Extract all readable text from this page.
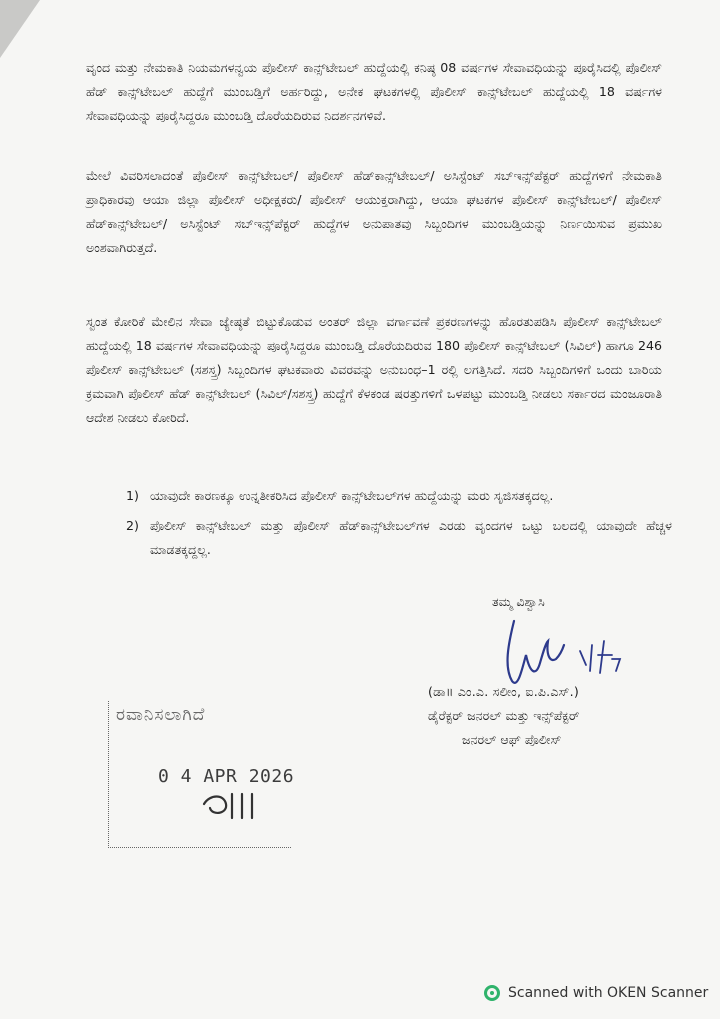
ವೃಂದ ಮತ್ತು ನೇಮಕಾತಿ ನಿಯಮಗಳನ್ವಯ ಪೊಲೀಸ್ ಕಾನ್ಸ್‌ಟೇಬಲ್ ಹುದ್ದೆಯಲ್ಲಿ ಕನಿಷ್ಠ 08 ವರ್ಷಗಳ ಸೇವಾವಧಿಯನ್ನು ಪೂರೈಸಿದಲ್ಲಿ ಪೊಲೀಸ್ ಹೆಡ್ ಕಾನ್ಸ್‌ಟೇಬಲ್ ಹುದ್ದೆಗೆ ಮುಂಬಡ್ತಿಗೆ ಅರ್ಹರಿದ್ದು, ಅನೇಕ ಘಟಕಗಳಲ್ಲಿ ಪೊಲೀಸ್ ಕಾನ್ಸ್‌ಟೇಬಲ್ ಹುದ್ದೆಯಲ್ಲಿ 18 ವರ್ಷಗಳ ಸೇವಾವಧಿಯನ್ನು ಪೂರೈಸಿದ್ದರೂ ಮುಂಬಡ್ತಿ ದೊರೆಯದಿರುವ ನಿದರ್ಶನಗಳಿವೆ.

ಮೇಲೆ ವಿವರಿಸಲಾದಂತೆ ಪೊಲೀಸ್ ಕಾನ್ಸ್‌ಟೇಬಲ್/ ಪೊಲೀಸ್ ಹೆಡ್‌ಕಾನ್ಸ್‌ಟೇಬಲ್/ ಅಸಿಸ್ಟೆಂಟ್ ಸಬ್‌ಇನ್ಸ್‌ಪೆಕ್ಟರ್ ಹುದ್ದೆಗಳಿಗೆ ನೇಮಕಾತಿ ಪ್ರಾಧಿಕಾರವು ಆಯಾ ಜಿಲ್ಲಾ ಪೊಲೀಸ್ ಅಧೀಕ್ಷಕರು/ ಪೊಲೀಸ್ ಆಯುಕ್ತರಾಗಿದ್ದು, ಆಯಾ ಘಟಕಗಳ ಪೊಲೀಸ್ ಕಾನ್ಸ್‌ಟೇಬಲ್/ ಪೊಲೀಸ್ ಹೆಡ್‌ಕಾನ್ಸ್‌ಟೇಬಲ್/ ಅಸಿಸ್ಟೆಂಟ್ ಸಬ್‌ಇನ್ಸ್‌ಪೆಕ್ಟರ್ ಹುದ್ದೆಗಳ ಅನುಪಾತವು ಸಿಬ್ಬಂದಿಗಳ ಮುಂಬಡ್ತಿಯನ್ನು ನಿರ್ಣಯಿಸುವ ಪ್ರಮುಖ ಅಂಶವಾಗಿರುತ್ತದೆ.

ಸ್ವಂತ ಕೋರಿಕೆ ಮೇಲಿನ ಸೇವಾ ಜ್ಯೇಷ್ಠತೆ ಬಿಟ್ಟುಕೊಡುವ ಅಂತರ್ ಜಿಲ್ಲಾ ವರ್ಗಾವಣೆ ಪ್ರಕರಣಗಳನ್ನು ಹೊರತುಪಡಿಸಿ ಪೊಲೀಸ್ ಕಾನ್ಸ್‌ಟೇಬಲ್ ಹುದ್ದೆಯಲ್ಲಿ 18 ವರ್ಷಗಳ ಸೇವಾವಧಿಯನ್ನು ಪೂರೈಸಿದ್ದರೂ ಮುಂಬಡ್ತಿ ದೊರೆಯದಿರುವ 180 ಪೊಲೀಸ್ ಕಾನ್ಸ್‌ಟೇಬಲ್ (ಸಿವಿಲ್) ಹಾಗೂ 246 ಪೊಲೀಸ್ ಕಾನ್ಸ್‌ಟೇಬಲ್ (ಸಶಸ್ತ್ರ) ಸಿಬ್ಬಂದಿಗಳ ಘಟಕವಾರು ವಿವರವನ್ನು ಅನುಬಂಧ–1 ರಲ್ಲಿ ಲಗತ್ತಿಸಿದೆ. ಸದರಿ ಸಿಬ್ಬಂದಿಗಳಿಗೆ ಒಂದು ಬಾರಿಯ ಕ್ರಮವಾಗಿ ಪೊಲೀಸ್ ಹೆಡ್ ಕಾನ್ಸ್‌ಟೇಬಲ್ (ಸಿವಿಲ್/ಸಶಸ್ತ್ರ) ಹುದ್ದೆಗೆ ಕೆಳಕಂಡ ಷರತ್ತುಗಳಿಗೆ ಒಳಪಟ್ಟು ಮುಂಬಡ್ತಿ ನೀಡಲು ಸರ್ಕಾರದ ಮಂಜೂರಾತಿ ಆದೇಶ ನೀಡಲು ಕೋರಿದೆ.

1) ಯಾವುದೇ ಕಾರಣಕ್ಕೂ ಉನ್ನತೀಕರಿಸಿದ ಪೊಲೀಸ್ ಕಾನ್ಸ್‌ಟೇಬಲ್‌ಗಳ ಹುದ್ದೆಯನ್ನು ಮರು ಸೃಜಿಸತಕ್ಕದಲ್ಲ.
2) ಪೊಲೀಸ್ ಕಾನ್ಸ್‌ಟೇಬಲ್ ಮತ್ತು ಪೊಲೀಸ್ ಹೆಡ್‌ಕಾನ್ಸ್‌ಟೇಬಲ್‌ಗಳ ಎರಡು ವೃಂದಗಳ ಒಟ್ಟು ಬಲದಲ್ಲಿ ಯಾವುದೇ ಹೆಚ್ಚಳ ಮಾಡತಕ್ಕದ್ದಲ್ಲ.
ತಮ್ಮ ವಿಶ್ವಾಸಿ
(ಡಾ॥ ಎಂ.ಎ. ಸಲೀಂ, ಐ.ಪಿ.ಎಸ್.)
ಡೈರೆಕ್ಟರ್ ಜನರಲ್ ಮತ್ತು ಇನ್ಸ್‌ಪೆಕ್ಟರ್
ಜನರಲ್ ಆಫ್ ಪೊಲೀಸ್
ರವಾನಿಸಲಾಗಿದೆ
0 4 APR 2026
Scanned with OKEN Scanner
